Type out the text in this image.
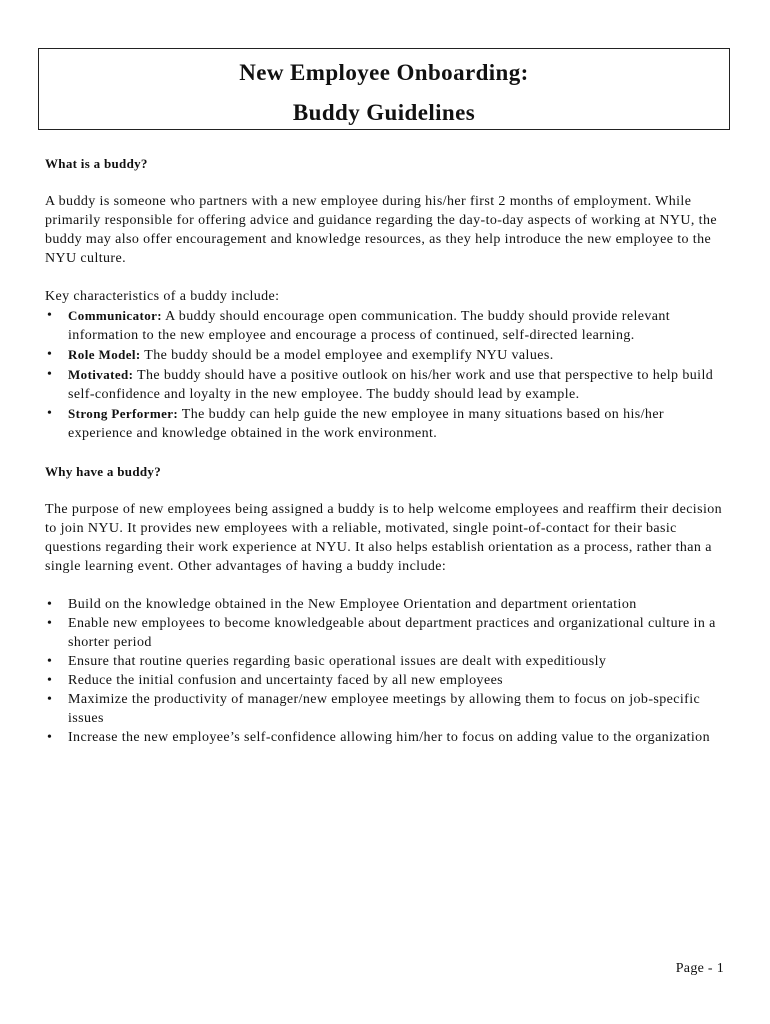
New Employee Onboarding:
Buddy Guidelines
What is a buddy?

A buddy is someone who partners with a new employee during his/her first 2 months of employment. While primarily responsible for offering advice and guidance regarding the day-to-day aspects of working at NYU, the buddy may also offer encouragement and knowledge resources, as they help introduce the new employee to the NYU culture.

Key characteristics of a buddy include:

• Communicator: A buddy should encourage open communication. The buddy should provide relevant information to the new employee and encourage a process of continued, self-directed learning.
• Role Model: The buddy should be a model employee and exemplify NYU values.
• Motivated: The buddy should have a positive outlook on his/her work and use that perspective to help build self-confidence and loyalty in the new employee. The buddy should lead by example.
• Strong Performer: The buddy can help guide the new employee in many situations based on his/her experience and knowledge obtained in the work environment.
Why have a buddy?

The purpose of new employees being assigned a buddy is to help welcome employees and reaffirm their decision to join NYU. It provides new employees with a reliable, motivated, single point-of-contact for their basic questions regarding their work experience at NYU. It also helps establish orientation as a process, rather than a single learning event. Other advantages of having a buddy include:

• Build on the knowledge obtained in the New Employee Orientation and department orientation
• Enable new employees to become knowledgeable about department practices and organizational culture in a shorter period
• Ensure that routine queries regarding basic operational issues are dealt with expeditiously
• Reduce the initial confusion and uncertainty faced by all new employees
• Maximize the productivity of manager/new employee meetings by allowing them to focus on job-specific issues
• Increase the new employee’s self-confidence allowing him/her to focus on adding value to the organization
Page - 1
